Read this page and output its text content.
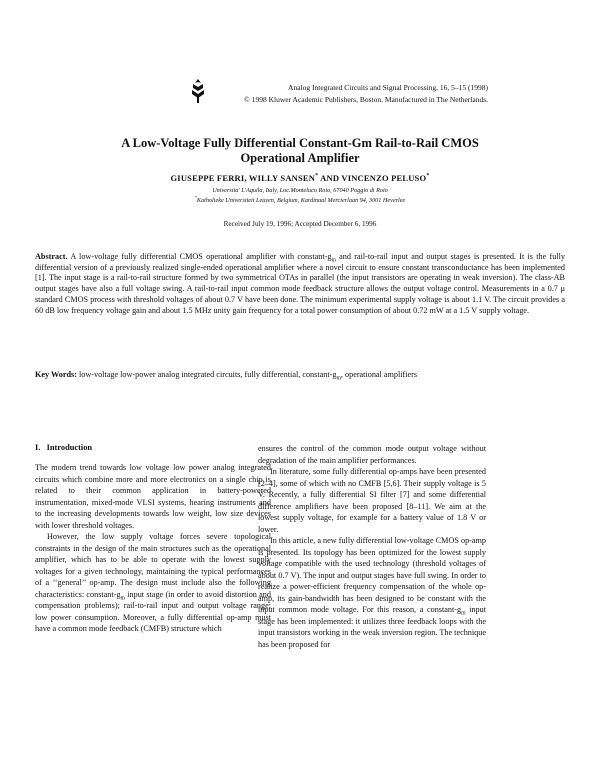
Analog Integrated Circuits and Signal Processing, 16, 5–15 (1998)
© 1998 Kluwer Academic Publishers, Boston. Manufactured in The Netherlands.
A Low-Voltage Fully Differential Constant-Gm Rail-to-Rail CMOS
Operational Amplifier
GIUSEPPE FERRI, WILLY SANSEN* AND VINCENZO PELUSO*
Universita' L'Aquila, Italy, Loc.Monteluco Roio, 67040 Poggio di Roio
*Katholieke Universiteit Leuven, Belgium, Kardinaal Mercierlaan 94, 3001 Heverlee
Received July 19, 1996; Accepted December 6, 1996
Abstract. A low-voltage fully differential CMOS operational amplifier with constant-$g_m$ and rail-to-rail input and output stages is presented. It is the fully differential version of a previously realized single-ended operational amplifier where a novel circuit to ensure constant transconductance has been implemented [1]. The input stage is a rail-to-rail structure formed by two symmetrical OTAs in parallel (the input transistors are operating in weak inversion). The class-AB output stages have also a full voltage swing. A rail-to-rail input common mode feedback structure allows the output voltage control. Measurements in a 0.7 μ standard CMOS process with threshold voltages of about 0.7 V have been done. The minimum experimental supply voltage is about 1.1 V. The circuit provides a 60 dB low frequency voltage gain and about 1.5 MHz unity gain frequency for a total power consumption of about 0.72 mW at a 1.5 V supply voltage.
Key Words: low-voltage low-power analog integrated circuits, fully differential, constant-$g_m$, operational amplifiers
I.   Introduction

The modern trend towards low voltage low power analog integrated circuits which combine more and more electronics on a single chip is related to their common application in battery-powered instrumentation, mixed-mode VLSI systems, hearing instruments and to the increasing developments towards low weight, low size devices with lower threshold voltages.

However, the low supply voltage forces severe topological constraints in the design of the main structures such as the operational amplifier, which has to be able to operate with the lowest supply voltages for a given technology, maintaining the typical performances of a ‘‘general’’ op-amp. The design must include also the following characteristics: constant-$g_m$ input stage (in order to avoid distortion and compensation problems); rail-to-rail input and output voltage range; low power consumption. Moreover, a fully differential op-amp must have a common mode feedback (CMFB) structure which

ensures the control of the common mode output voltage without degradation of the main amplifier performances.

In literature, some fully differential op-amps have been presented [2–4], some of which with no CMFB [5,6]. Their supply voltage is 5 V. Recently, a fully differential SI filter [7] and some differential difference amplifiers have been proposed [8–11]. We aim at the lowest supply voltage, for example for a battery value of 1.8 V or lower.

In this article, a new fully differential low-voltage CMOS op-amp is presented. Its topology has been optimized for the lowest supply voltage compatible with the used technology (threshold voltages of about 0.7 V). The input and output stages have full swing. In order to realize a power-efficient frequency compensation of the whole op-amp, its gain-bandwidth has been designed to be constant with the input common mode voltage. For this reason, a constant-$g_m$ input stage has been implemented: it utilizes three feedback loops with the input transistors working in the weak inversion region. The technique has been proposed for
